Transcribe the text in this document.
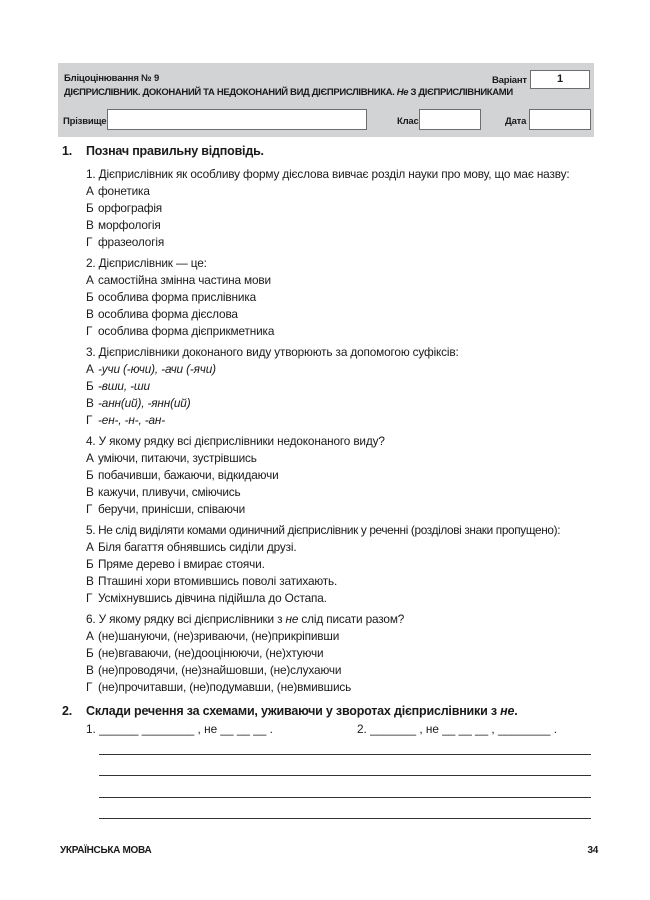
Бліцоцінювання № 9
ДІЄПРИСЛІВНИК. ДОКОНАНИЙ ТА НЕДОКОНАНИЙ ВИД ДІЄПРИСЛІВНИКА. Не З ДІЄПРИСЛІВНИКАМИ
Варіант	1
Прізвище	Клас	Дата
1. Познач правильну відповідь.
1. Дієприслівник як особливу форму дієслова вивчає розділ науки про мову, що має назву:
А фонетика
Б орфографія
В морфологія
Г фразеологія
2. Дієприслівник — це:
А самостійна змінна частина мови
Б особлива форма прислівника
В особлива форма дієслова
Г особлива форма дієприкметника
3. Дієприслівники доконаного виду утворюють за допомогою суфіксів:
А -учи (-ючи), -ачи (-ячи)
Б -вши, -ши
В -анн(ий), -янн(ий)
Г -ен-, -н-, -ан-
4. У якому рядку всі дієприслівники недоконаного виду?
А уміючи, питаючи, зустрівшись
Б побачивши, бажаючи, відкидаючи
В кажучи, пливучи, сміючись
Г беручи, принісши, співаючи
5. Не слід виділяти комами одиничний дієприслівник у реченні (розділові знаки пропущено):
А Біля багаття обнявшись сиділи друзі.
Б Пряме дерево і вмирає стоячи.
В Пташині хори втомившись поволі затихають.
Г Усміхнувшись дівчина підійшла до Остапа.
6. У якому рядку всі дієприслівники з не слід писати разом?
А (не)шануючи, (не)зриваючи, (не)прикріпивши
Б (не)вгаваючи, (не)дооцінюючи, (не)хтуючи
В (не)проводячи, (не)знайшовши, (не)слухаючи
Г (не)прочитавши, (не)подумавши, (не)вмившись
2. Склади речення за схемами, уживаючи у зворотах дієприслівники з не.
1. ______ ________ , не __ __ __ .	2. _______ , не __ __ __ , ________ .
УКРАЇНСЬКА МОВА	34
